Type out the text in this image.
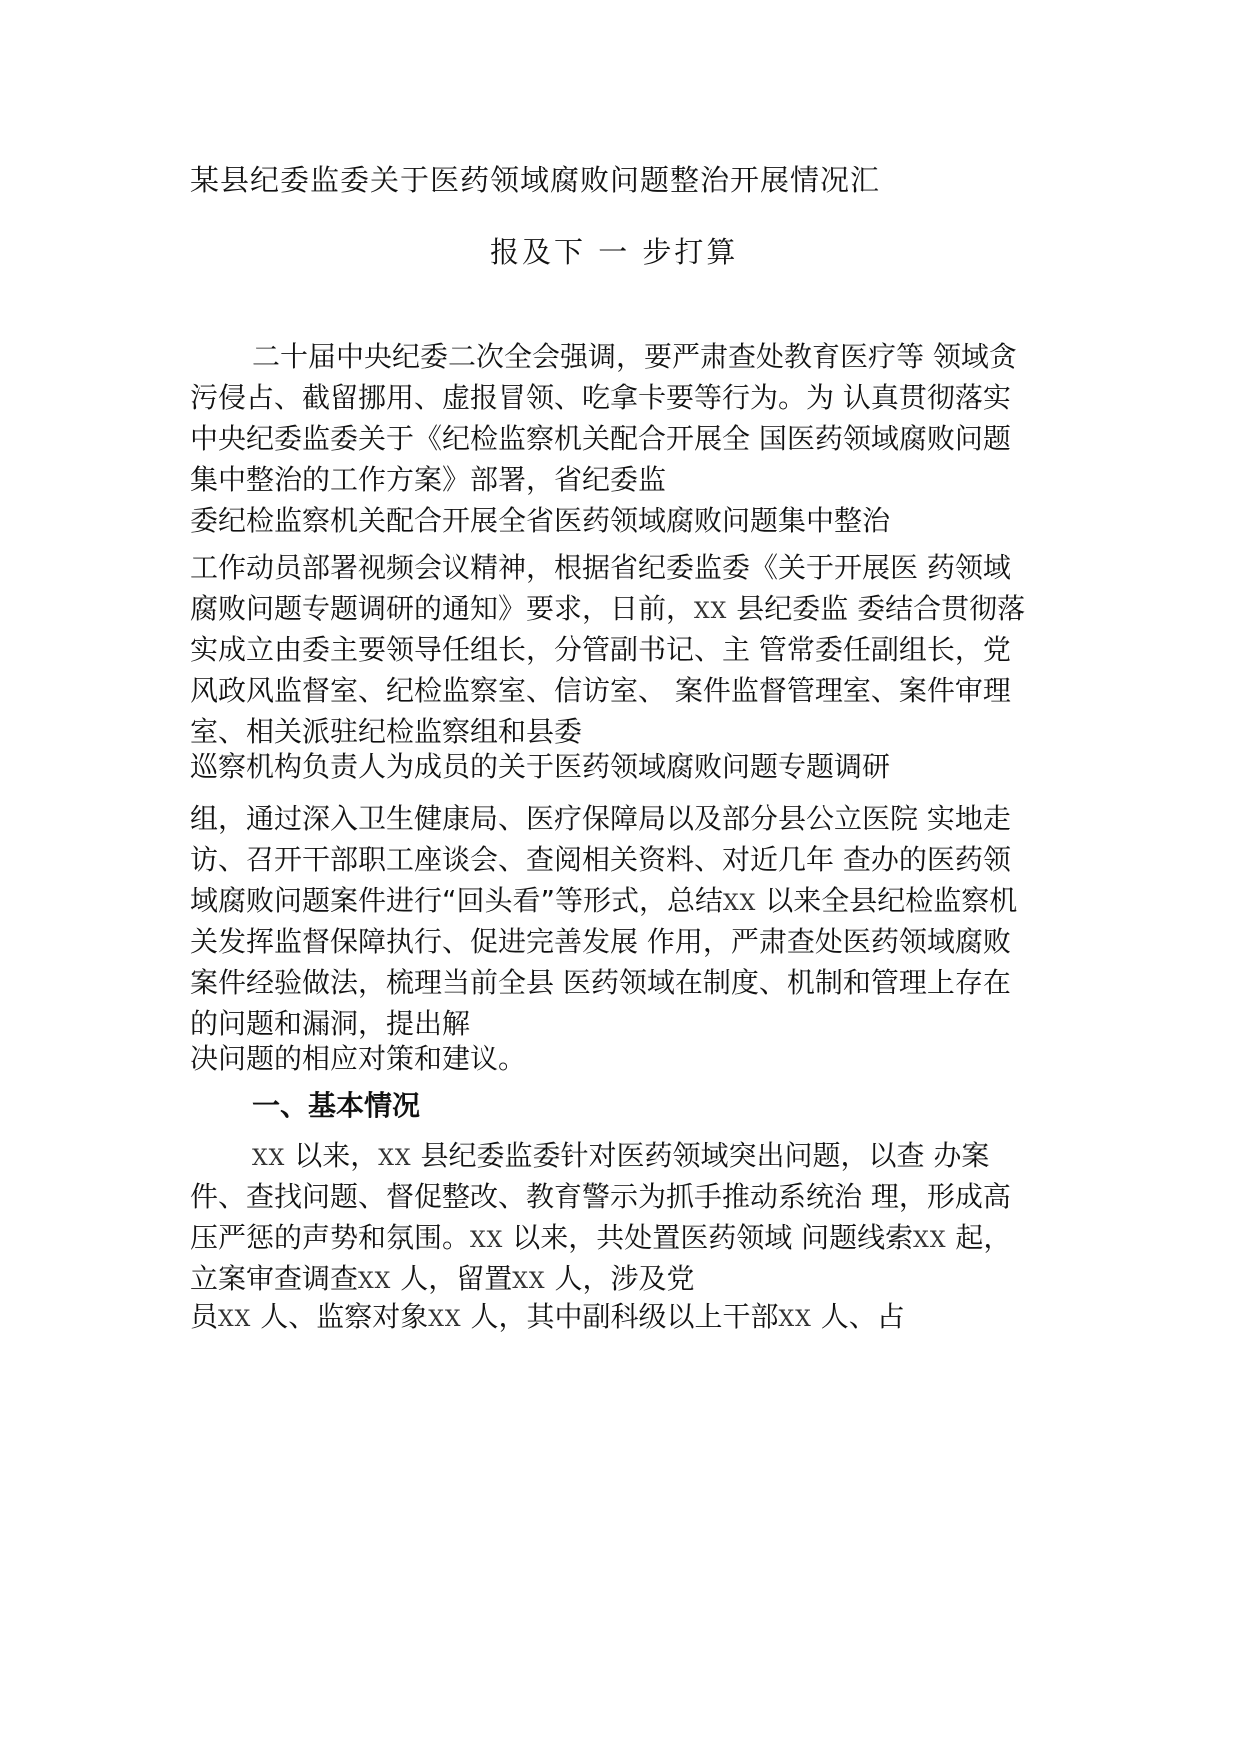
某县纪委监委关于医药领域腐败问题整治开展情况汇
报及下 一 步打算
二十届中央纪委二次全会强调，要严肃查处教育医疗等 领域贪
污侵占、截留挪用、虚报冒领、吃拿卡要等行为。为 认真贯彻落实
中央纪委监委关于《纪检监察机关配合开展全 国医药领域腐败问题
集中整治的工作方案》部署，省纪委监
委纪检监察机关配合开展全省医药领域腐败问题集中整治
工作动员部署视频会议精神，根据省纪委监委《关于开展医 药领域
腐败问题专题调研的通知》要求，日前，XX 县纪委监 委结合贯彻落
实成立由委主要领导任组长，分管副书记、主 管常委任副组长，党
风政风监督室、纪检监察室、信访室、 案件监督管理室、案件审理
室、相关派驻纪检监察组和县委
巡察机构负责人为成员的关于医药领域腐败问题专题调研
组，通过深入卫生健康局、医疗保障局以及部分县公立医院 实地走
访、召开干部职工座谈会、查阅相关资料、对近几年 查办的医药领
域腐败问题案件进行“回头看”等形式，总结XX 以来全县纪检监察机
关发挥监督保障执行、促进完善发展 作用，严肃查处医药领域腐败
案件经验做法，梳理当前全县 医药领域在制度、机制和管理上存在
的问题和漏洞，提出解
决问题的相应对策和建议。
一、基本情况
XX 以来，XX 县纪委监委针对医药领域突出问题，以查 办案
件、查找问题、督促整改、教育警示为抓手推动系统治 理，形成高
压严惩的声势和氛围。XX 以来，共处置医药领域 问题线索XX 起，
立案审查调查XX 人，留置XX 人，涉及党
员XX 人、监察对象XX 人，其中副科级以上干部XX 人、占
